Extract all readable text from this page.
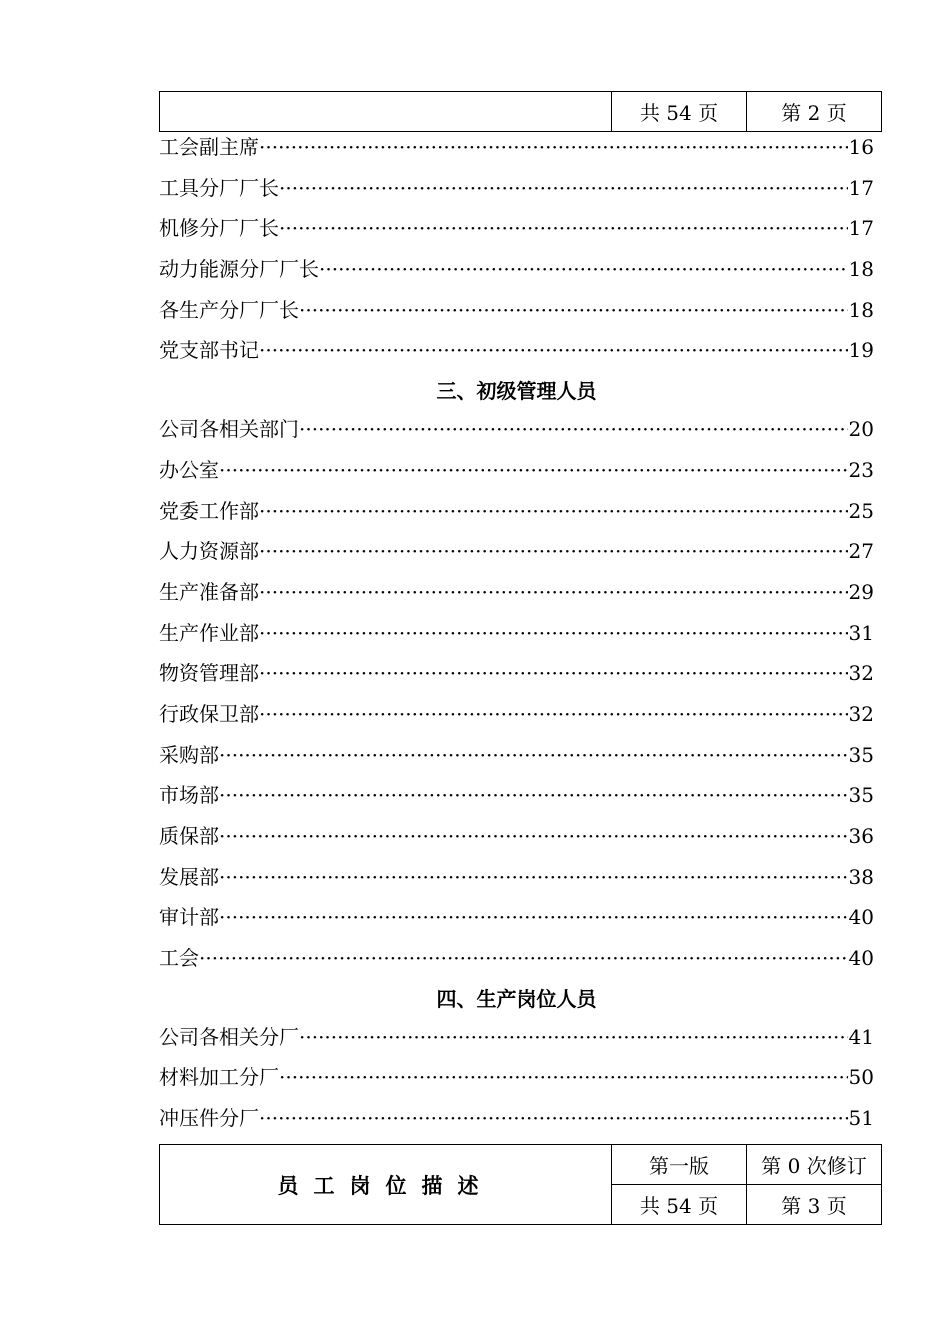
	共 54 页	第 2 页
工会副主席 ·····	16
工具分厂厂长 ·····	17
机修分厂厂长 ·····	17
动力能源分厂厂长 ·····	18
各生产分厂厂长 ·····	18
党支部书记 ·····	19
三、初级管理人员
公司各相关部门 ·····	20
办公室 ·····	23
党委工作部 ·····	25
人力资源部 ·····	27
生产准备部 ·····	29
生产作业部 ·····	31
物资管理部 ·····	32
行政保卫部 ·····	32
采购部 ·····	35
市场部 ·····	35
质保部 ·····	36
发展部 ·····	38
审计部 ·····	40
工会 ·····	40
四、生产岗位人员
公司各相关分厂 ·····	41
材料加工分厂 ·····	50
冲压件分厂 ·····	51
员工岗位描述	第一版	第 0 次修订
	共 54 页	第 3 页
